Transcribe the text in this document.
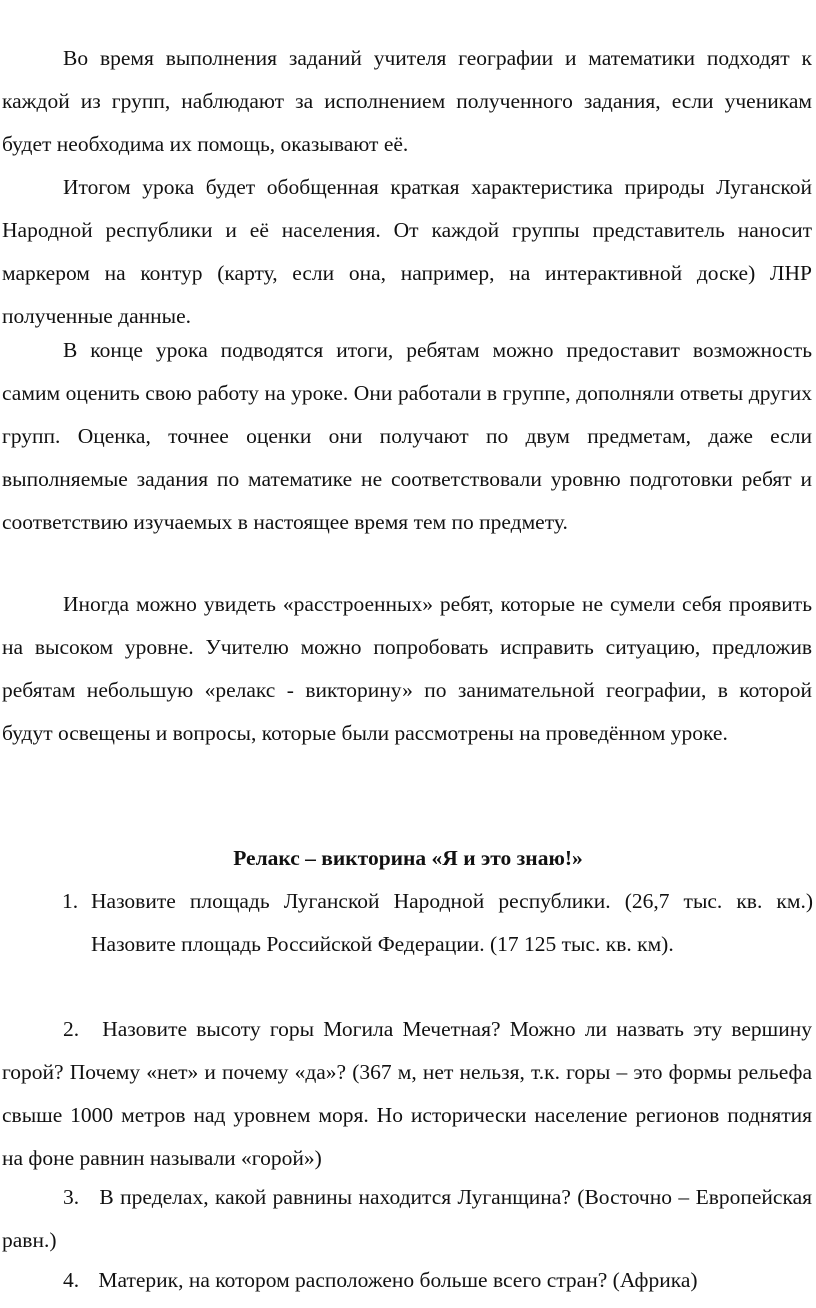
Во время выполнения заданий учителя географии и математики подходят к каждой из групп, наблюдают за исполнением полученного задания, если ученикам будет необходима их помощь, оказывают её.

Итогом урока будет обобщенная краткая характеристика природы Луганской Народной республики и её населения. От каждой группы представитель наносит маркером на контур (карту, если она, например, на интерактивной доске) ЛНР полученные данные.

В конце урока подводятся итоги, ребятам можно предоставит возможность самим оценить свою работу на уроке. Они работали в группе, дополняли ответы других групп. Оценка, точнее оценки они получают по двум предметам, даже если выполняемые задания по математике не соответствовали уровню подготовки ребят и соответствию изучаемых в настоящее время тем по предмету.

Иногда можно увидеть «расстроенных» ребят, которые не сумели себя проявить на высоком уровне. Учителю можно попробовать исправить ситуацию, предложив ребятам небольшую «релакс - викторину» по занимательной географии, в которой будут освещены и вопросы, которые были рассмотрены на проведённом уроке.

Релакс – викторина «Я и это знаю!»

1. Назовите площадь Луганской Народной республики. (26,7 тыс. кв. км.) Назовите площадь Российской Федерации. (17 125 тыс. кв. км).

2. Назовите высоту горы Могила Мечетная? Можно ли назвать эту вершину горой? Почему «нет» и почему «да»? (367 м, нет нельзя, т.к. горы – это формы рельефа свыше 1000 метров над уровнем моря. Но исторически население регионов поднятия на фоне равнин называли «горой»)

3. В пределах, какой равнины находится Луганщина? (Восточно – Европейская равн.)

4. Материк, на котором расположено больше всего стран? (Африка)
